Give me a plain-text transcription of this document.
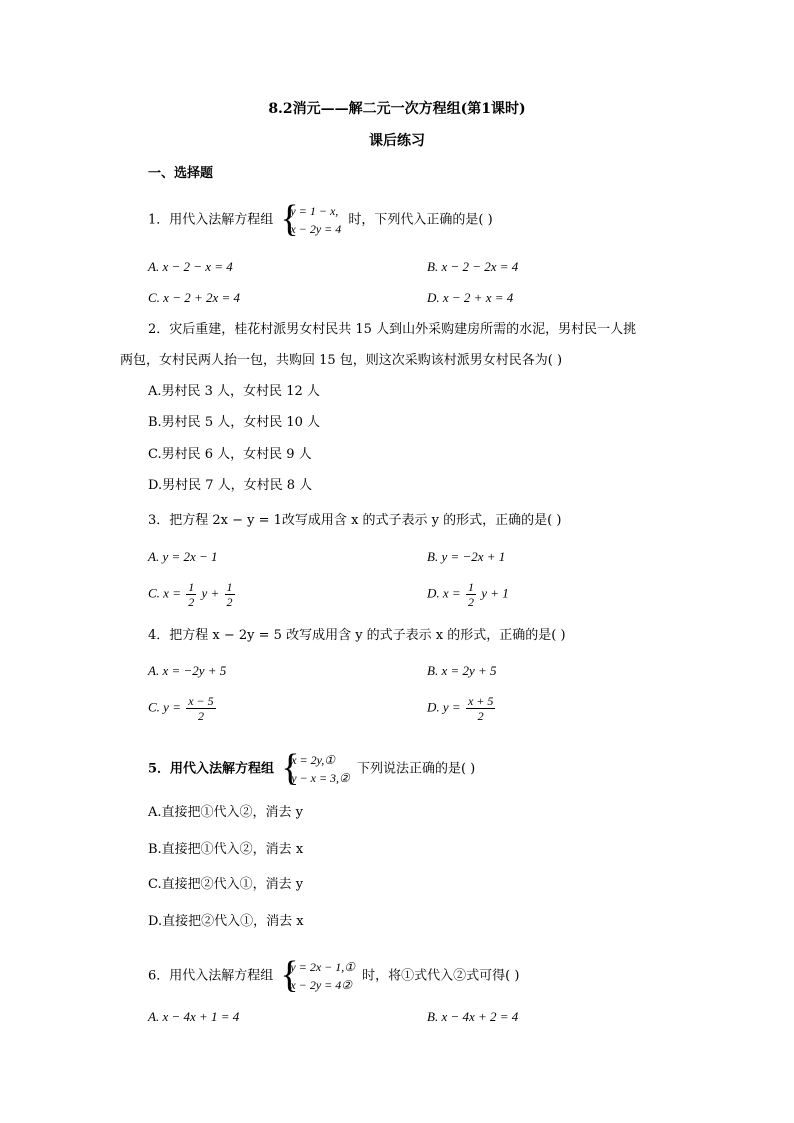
8.2消元——解二元一次方程组(第1课时)
课后练习
一、选择题
1．用代入法解方程组 {
y = 1 − x,
x − 2y = 4
时，下列代入正确的是( )
A. x − 2 − x = 4	B. x − 2 − 2x = 4
C. x − 2 + 2x = 4	D. x − 2 + x = 4
2．灾后重建，桂花村派男女村民共 15 人到山外采购建房所需的水泥，男村民一人挑
两包，女村民两人抬一包，共购回 15 包，则这次采购该村派男女村民各为( )
A.男村民 3 人，女村民 12 人
B.男村民 5 人，女村民 10 人
C.男村民 6 人，女村民 9 人
D.男村民 7 人，女村民 8 人
3．把方程 2x − y = 1改写成用含 x 的式子表示 y 的形式，正确的是( )
A. y = 2x − 1	B. y = −2x + 1
C. $x = \frac{1}{2}$ $y + \frac{1}{2}$	D. $x = \frac{1}{2}$ y + 1
4．把方程 x − 2y = 5 改写成用含 y 的式子表示 x 的形式，正确的是( )
A. x = −2y + 5	B. x = 2y + 5
C. $y = \frac{x - 5}{2}$	D. $y = \frac{x + 5}{2}$
5．用代入法解方程组 {
x = 2y,①
y − x = 3,②
下列说法正确的是( )
A.直接把①代入②，消去 y
B.直接把①代入②，消去 x
C.直接把②代入①，消去 y
D.直接把②代入①，消去 x
6．用代入法解方程组 {
y = 2x − 1,①
x − 2y = 4②
时，将①式代入②式可得( )
A. x − 4x + 1 = 4	B. x − 4x + 2 = 4
